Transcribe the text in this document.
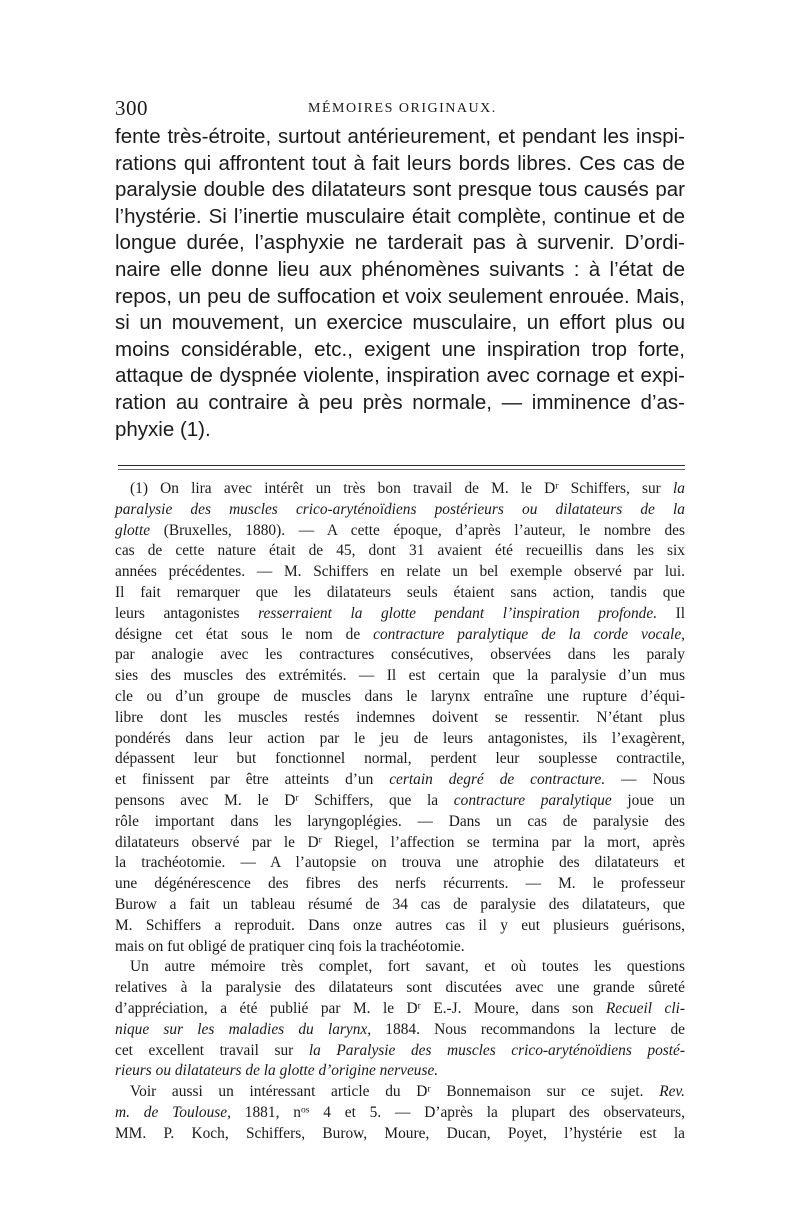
300	MÉMOIRES ORIGINAUX.
fente très-étroite, surtout antérieurement, et pendant les inspi-
rations qui affrontent tout à fait leurs bords libres. Ces cas de
paralysie double des dilatateurs sont presque tous causés par
l’hystérie. Si l’inertie musculaire était complète, continue et de
longue durée, l’asphyxie ne tarderait pas à survenir. D’ordi-
naire elle donne lieu aux phénomènes suivants : à l’état de
repos, un peu de suffocation et voix seulement enrouée. Mais,
si un mouvement, un exercice musculaire, un effort plus ou
moins considérable, etc., exigent une inspiration trop forte,
attaque de dyspnée violente, inspiration avec cornage et expi-
ration au contraire à peu près normale, — imminence d’as-
phyxie (1).
(1) On lira avec intérêt un très bon travail de M. le $D^r$ Schiffers, sur la
paralysie des muscles crico-aryténoïdiens postérieurs ou dilatateurs de la
glotte (Bruxelles, 1880). — A cette époque, d’après l’auteur, le nombre des
cas de cette nature était de 45, dont 31 avaient été recueillis dans les six
années précédentes. — M. Schiffers en relate un bel exemple observé par lui.
Il fait remarquer que les dilatateurs seuls étaient sans action, tandis que
leurs antagonistes resserraient la glotte pendant l’inspiration profonde. Il
désigne cet état sous le nom de contracture paralytique de la corde vocale,
par analogie avec les contractures consécutives, observées dans les paraly
sies des muscles des extrémités. — Il est certain que la paralysie d’un mus
cle ou d’un groupe de muscles dans le larynx entraîne une rupture d’équi-
libre dont les muscles restés indemnes doivent se ressentir. N’étant plus
pondérés dans leur action par le jeu de leurs antagonistes, ils l’exagèrent,
dépassent leur but fonctionnel normal, perdent leur souplesse contractile,
et finissent par être atteints d’un certain degré de contracture. — Nous
pensons avec M. le $D^r$ Schiffers, que la contracture paralytique joue un
rôle important dans les laryngoplégies. — Dans un cas de paralysie des
dilatateurs observé par le $D^r$ Riegel, l’affection se termina par la mort, après
la trachéotomie. — A l’autopsie on trouva une atrophie des dilatateurs et
une dégénérescence des fibres des nerfs récurrents. — M. le professeur
Burow a fait un tableau résumé de 34 cas de paralysie des dilatateurs, que
M. Schiffers a reproduit. Dans onze autres cas il y eut plusieurs guérisons,
mais on fut obligé de pratiquer cinq fois la trachéotomie.
Un autre mémoire très complet, fort savant, et où toutes les questions
relatives à la paralysie des dilatateurs sont discutées avec une grande sûreté
d’appréciation, a été publié par M. le $D^r$ E.-J. Moure, dans son Recueil cli-
nique sur les maladies du larynx, 1884. Nous recommandons la lecture de
cet excellent travail sur la Paralysie des muscles crico-aryténoïdiens posté-
rieurs ou dilatateurs de la glotte d’origine nerveuse.
Voir aussi un intéressant article du $D^r$ Bonnemaison sur ce sujet. Rev.
m. de Toulouse, 1881, $n^{os}$ 4 et 5. — D’après la plupart des observateurs,
MM. P. Koch, Schiffers, Burow, Moure, Ducan, Poyet, l’hystérie est la
